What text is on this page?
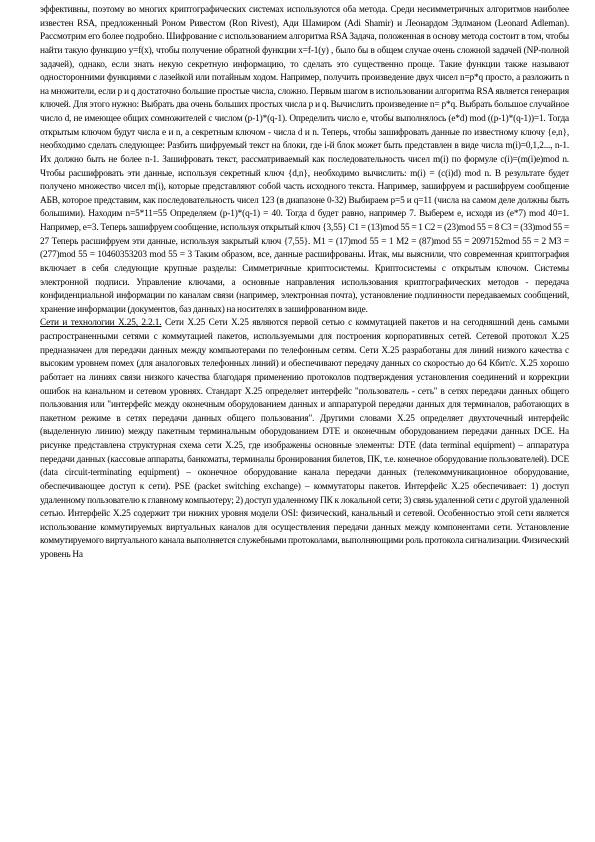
эффективны, поэтому во многих криптографических системах используются оба метода. Среди несимметричных алгоритмов наиболее известен RSA, предложенный Роном Ривестом (Ron Rivest), Ади Шамиром (Adi Shamir) и Леонардом Эдлманом (Leonard Adleman). Рассмотрим его более подробно. Шифрование с использованием алгоритма RSA Задача, положенная в основу метода состоит в том, чтобы найти такую функцию y=f(x), чтобы получение обратной функции x=f-1(y) , было бы в общем случае очень сложной задачей (NP-полной задачей), однако, если знать некую секретную информацию, то сделать это существенно проще. Такие функции также называют односторонними функциями с лазейкой или потайным ходом. Например, получить произведение двух чисел n=p*q просто, а разложить n на множители, если p и q достаточно большие простые числа, сложно. Первым шагом в использовании алгоритма RSA является генерация ключей. Для этого нужно: Выбрать два очень больших простых числа p и q. Вычислить произведение n= p*q. Выбрать большое случайное число d, не имеющее общих сомножителей с числом (p-1)*(q-1). Определить число e, чтобы выполнялось (e*d) mod ((p-1)*(q-1))=1. Тогда открытым ключом будут числа e и n, а секретным ключом - числа d и n. Теперь, чтобы зашифровать данные по известному ключу {e,n}, необходимо сделать следующее: Разбить шифруемый текст на блоки, где i-й блок может быть представлен в виде числа m(i)=0,1,2..., n-1. Их должно быть не более n-1. Зашифровать текст, рассматриваемый как последовательность чисел m(i) по формуле c(i)=(m(i)e)mod n. Чтобы расшифровать эти данные, используя секретный ключ {d,n}, необходимо вычислить: m(i) = (c(i)d) mod n. В результате будет получено множество чисел m(i), которые представляют собой часть исходного текста. Например, зашифруем и расшифруем сообщение АБВ, которое представим, как последовательность чисел 123 (в диапазоне 0-32) Выбираем p=5 и q=11 (числа на самом деле должны быть большими). Находим n=5*11=55 Определяем (p-1)*(q-1) = 40. Тогда d будет равно, например 7. Выберем e, исходя из (e*7) mod 40=1. Например, e=3. Теперь зашифруем сообщение, используя открытый ключ {3,55} C1 = (13)mod 55 = 1 C2 = (23)mod 55 = 8 C3 = (33)mod 55 = 27 Теперь расшифруем эти данные, используя закрытый ключ {7,55}. M1 = (17)mod 55 = 1 M2 = (87)mod 55 = 2097152mod 55 = 2 M3 = (277)mod 55 = 10460353203 mod 55 = 3 Таким образом, все, данные расшифрованы. Итак, мы выяснили, что современная криптография включает в себя следующие крупные разделы: Симметричные криптосистемы. Криптосистемы с открытым ключом. Системы электронной подписи. Управление ключами, а основные направления использования криптографических методов - передача конфиденциальной информации по каналам связи (например, электронная почта), установление подлинности передаваемых сообщений, хранение информации (документов, баз данных) на носителях в зашифрованном виде.

Сети и технологии X.25, 2.2.1. Сети X.25 Сети X.25 являются первой сетью с коммутацией пакетов и на сегодняшний день самыми распространенными сетями с коммутацией пакетов, используемыми для построения корпоративных сетей. Сетевой протокол X.25 предназначен для передачи данных между компьютерами по телефонным сетям. Сети X.25 разработаны для линий низкого качества с высоким уровнем помех (для аналоговых телефонных линий) и обеспечивают передачу данных со скоростью до 64 Кбит/с. X.25 хорошо работает на линиях связи низкого качества благодаря применению протоколов подтверждения установления соединений и коррекции ошибок на канальном и сетевом уровнях. Стандарт X.25 определяет интерфейс "пользователь - сеть" в сетях передачи данных общего пользования или "интерфейс между оконечным оборудованием данных и аппаратурой передачи данных для терминалов, работающих в пакетном режиме в сетях передачи данных общего пользования". Другими словами X.25 определяет двухточечный интерфейс (выделенную линию) между пакетным терминальным оборудованием DTE и оконечным оборудованием передачи данных DCE. На рисунке представлена структурная схема сети X.25, где изображены основные элементы: DTE (data terminal equipment) – аппаратура передачи данных (кассовые аппараты, банкоматы, терминалы бронирования билетов, ПК, т.е. конечное оборудование пользователей). DCE (data circuit-terminating equipment) – оконечное оборудование канала передачи данных (телекоммуникационное оборудование, обеспечивающее доступ к сети). PSE (packet switching exchange) – коммутаторы пакетов. Интерфейс X.25 обеспечивает: 1) доступ удаленному пользователю к главному компьютеру; 2) доступ удаленному ПК к локальной сети; 3) связь удаленной сети с другой удаленной сетью. Интерфейс X.25 содержит три нижних уровня модели OSI: физический, канальный и сетевой. Особенностью этой сети является использование коммутируемых виртуальных каналов для осуществления передачи данных между компонентами сети. Установление коммутируемого виртуального канала выполняется служебными протоколами, выполняющими роль протокола сигнализации. Физический уровень На
